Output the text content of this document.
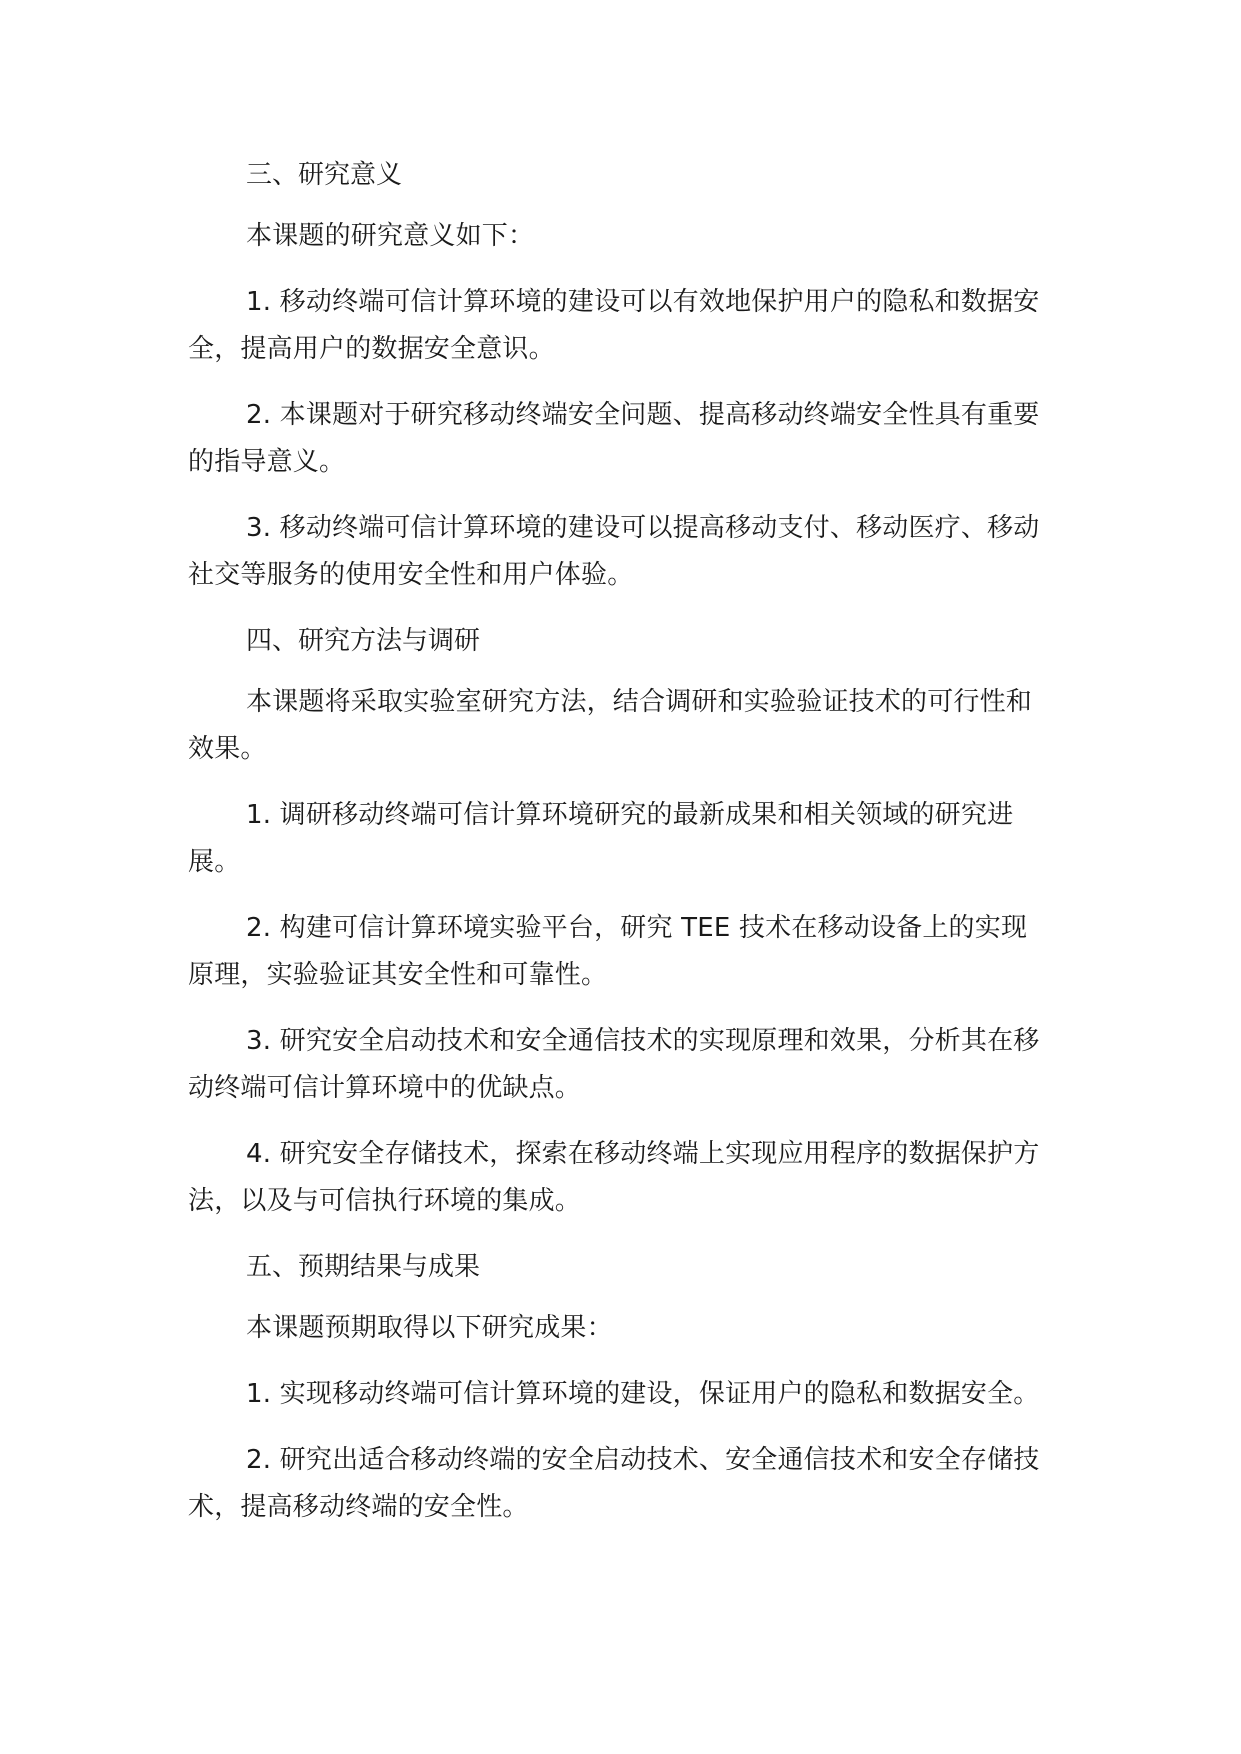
三、研究意义

本课题的研究意义如下：

1. 移动终端可信计算环境的建设可以有效地保护用户的隐私和数据安全，提高用户的数据安全意识。

2. 本课题对于研究移动终端安全问题、提高移动终端安全性具有重要的指导意义。

3. 移动终端可信计算环境的建设可以提高移动支付、移动医疗、移动社交等服务的使用安全性和用户体验。

四、研究方法与调研

本课题将采取实验室研究方法，结合调研和实验验证技术的可行性和效果。

1. 调研移动终端可信计算环境研究的最新成果和相关领域的研究进展。

2. 构建可信计算环境实验平台，研究 TEE 技术在移动设备上的实现原理，实验验证其安全性和可靠性。

3. 研究安全启动技术和安全通信技术的实现原理和效果，分析其在移动终端可信计算环境中的优缺点。

4. 研究安全存储技术，探索在移动终端上实现应用程序的数据保护方法，以及与可信执行环境的集成。

五、预期结果与成果

本课题预期取得以下研究成果：

1. 实现移动终端可信计算环境的建设，保证用户的隐私和数据安全。

2. 研究出适合移动终端的安全启动技术、安全通信技术和安全存储技术，提高移动终端的安全性。
